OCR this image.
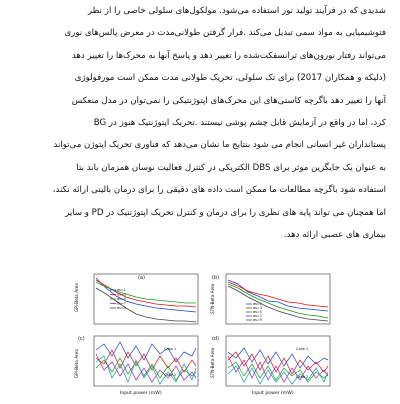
شدیدی که در فرآیند تولید نور استفاده می‌شود. مولکول‌های سلولی خاصی را از نظر
فتوشیمیایی به مواد سمی تبدیل می‌کند .فرار گرفتن طولانی‌مدت در معرض پالس‌های نوری
می‌تواند رفتار نورون‌های ترانسفکت‌شده را تغییر دهد و پاسخ آنها به محرک‌ها را تغییر دهد
(دلیکه و همکاران 2017) برای تک سلولی، تحریک طولانی مدت ممکن است مورفولوژی
آنها را تغییر دهد باگرچه کاستی‌های این محرک‌های اپتوژنتیکی را نمی‌توان در مدل منعکس
کرد، اما در واقع در آزمایش قابل چشم پوشی نیستند .تحریک اپتوژنتیک هنوز در BG
پستانداران غیر انسانی انجام می شود بنتایج ما نشان می‌دهد که فناوری تحریک اپتوژن می‌تواند
به عنوان یک جایگزین موثر برای DBS الکتریکی در کنترل فعالیت نوسان همزمان باند بتا
استفاده شود باگرچه مطالعات ما ممکن است داده های دقیقی را برای درمان بالینی ارائه نکند،
اما همچنان می تواند پایه های نظری را برای درمان و کنترل تحریک اپتوژنتیک در PD و سایر
بیماری های عصبی ارائه دهد.
(a)
GPi-Beta Area	σs=1
σs=3
σs=5
σs=7
σs=9
(b)
STN-Beta Area	σs=1
σs=3
σs=5
σs=7
σs=9
(c)
GPi-Beta Area
Input power (mW)
Case 1
Case 2
(d)
STN-Beta Area
Input power (mW)
Case 1
Case 2
